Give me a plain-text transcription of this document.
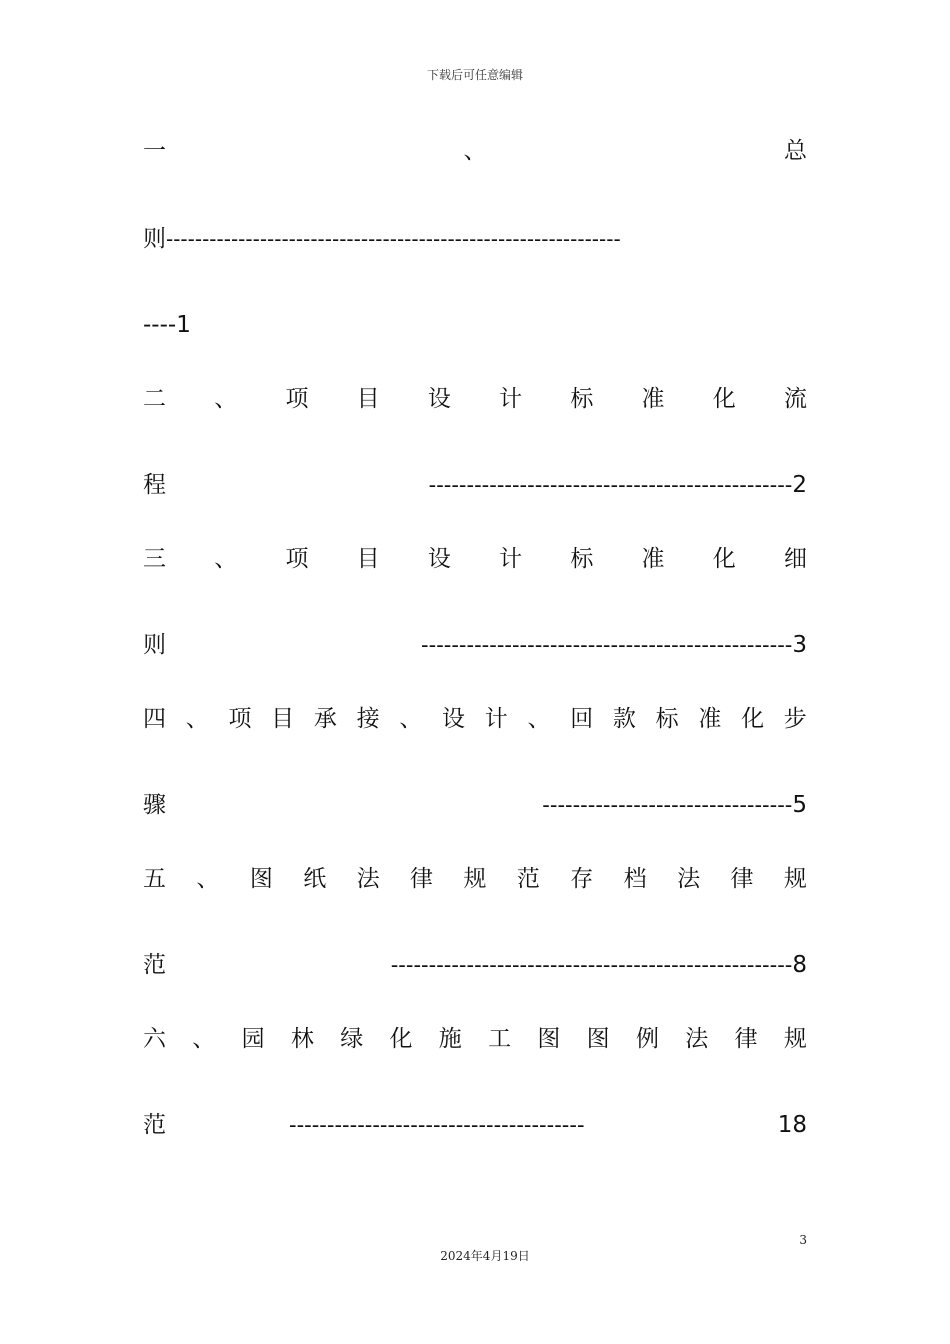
下载后可任意编辑
一	、	总
则---------------------------------------------------------------
----1
二 、 项 目 设 计 标 准 化 流
程	------------------------------------------------2
三 、 项 目 设 计 标 准 化 细
则	-------------------------------------------------3
四 、 项 目 承 接 、 设 计 、 回 款 标 准 化 步
骤	---------------------------------5
五 、 图 纸 法 律 规 范 存 档 法 律 规
范	-----------------------------------------------------8
六 、 园 林 绿 化 施 工 图 图 例 法 律 规
范	---------------------------------------	18
3
2024年4月19日
